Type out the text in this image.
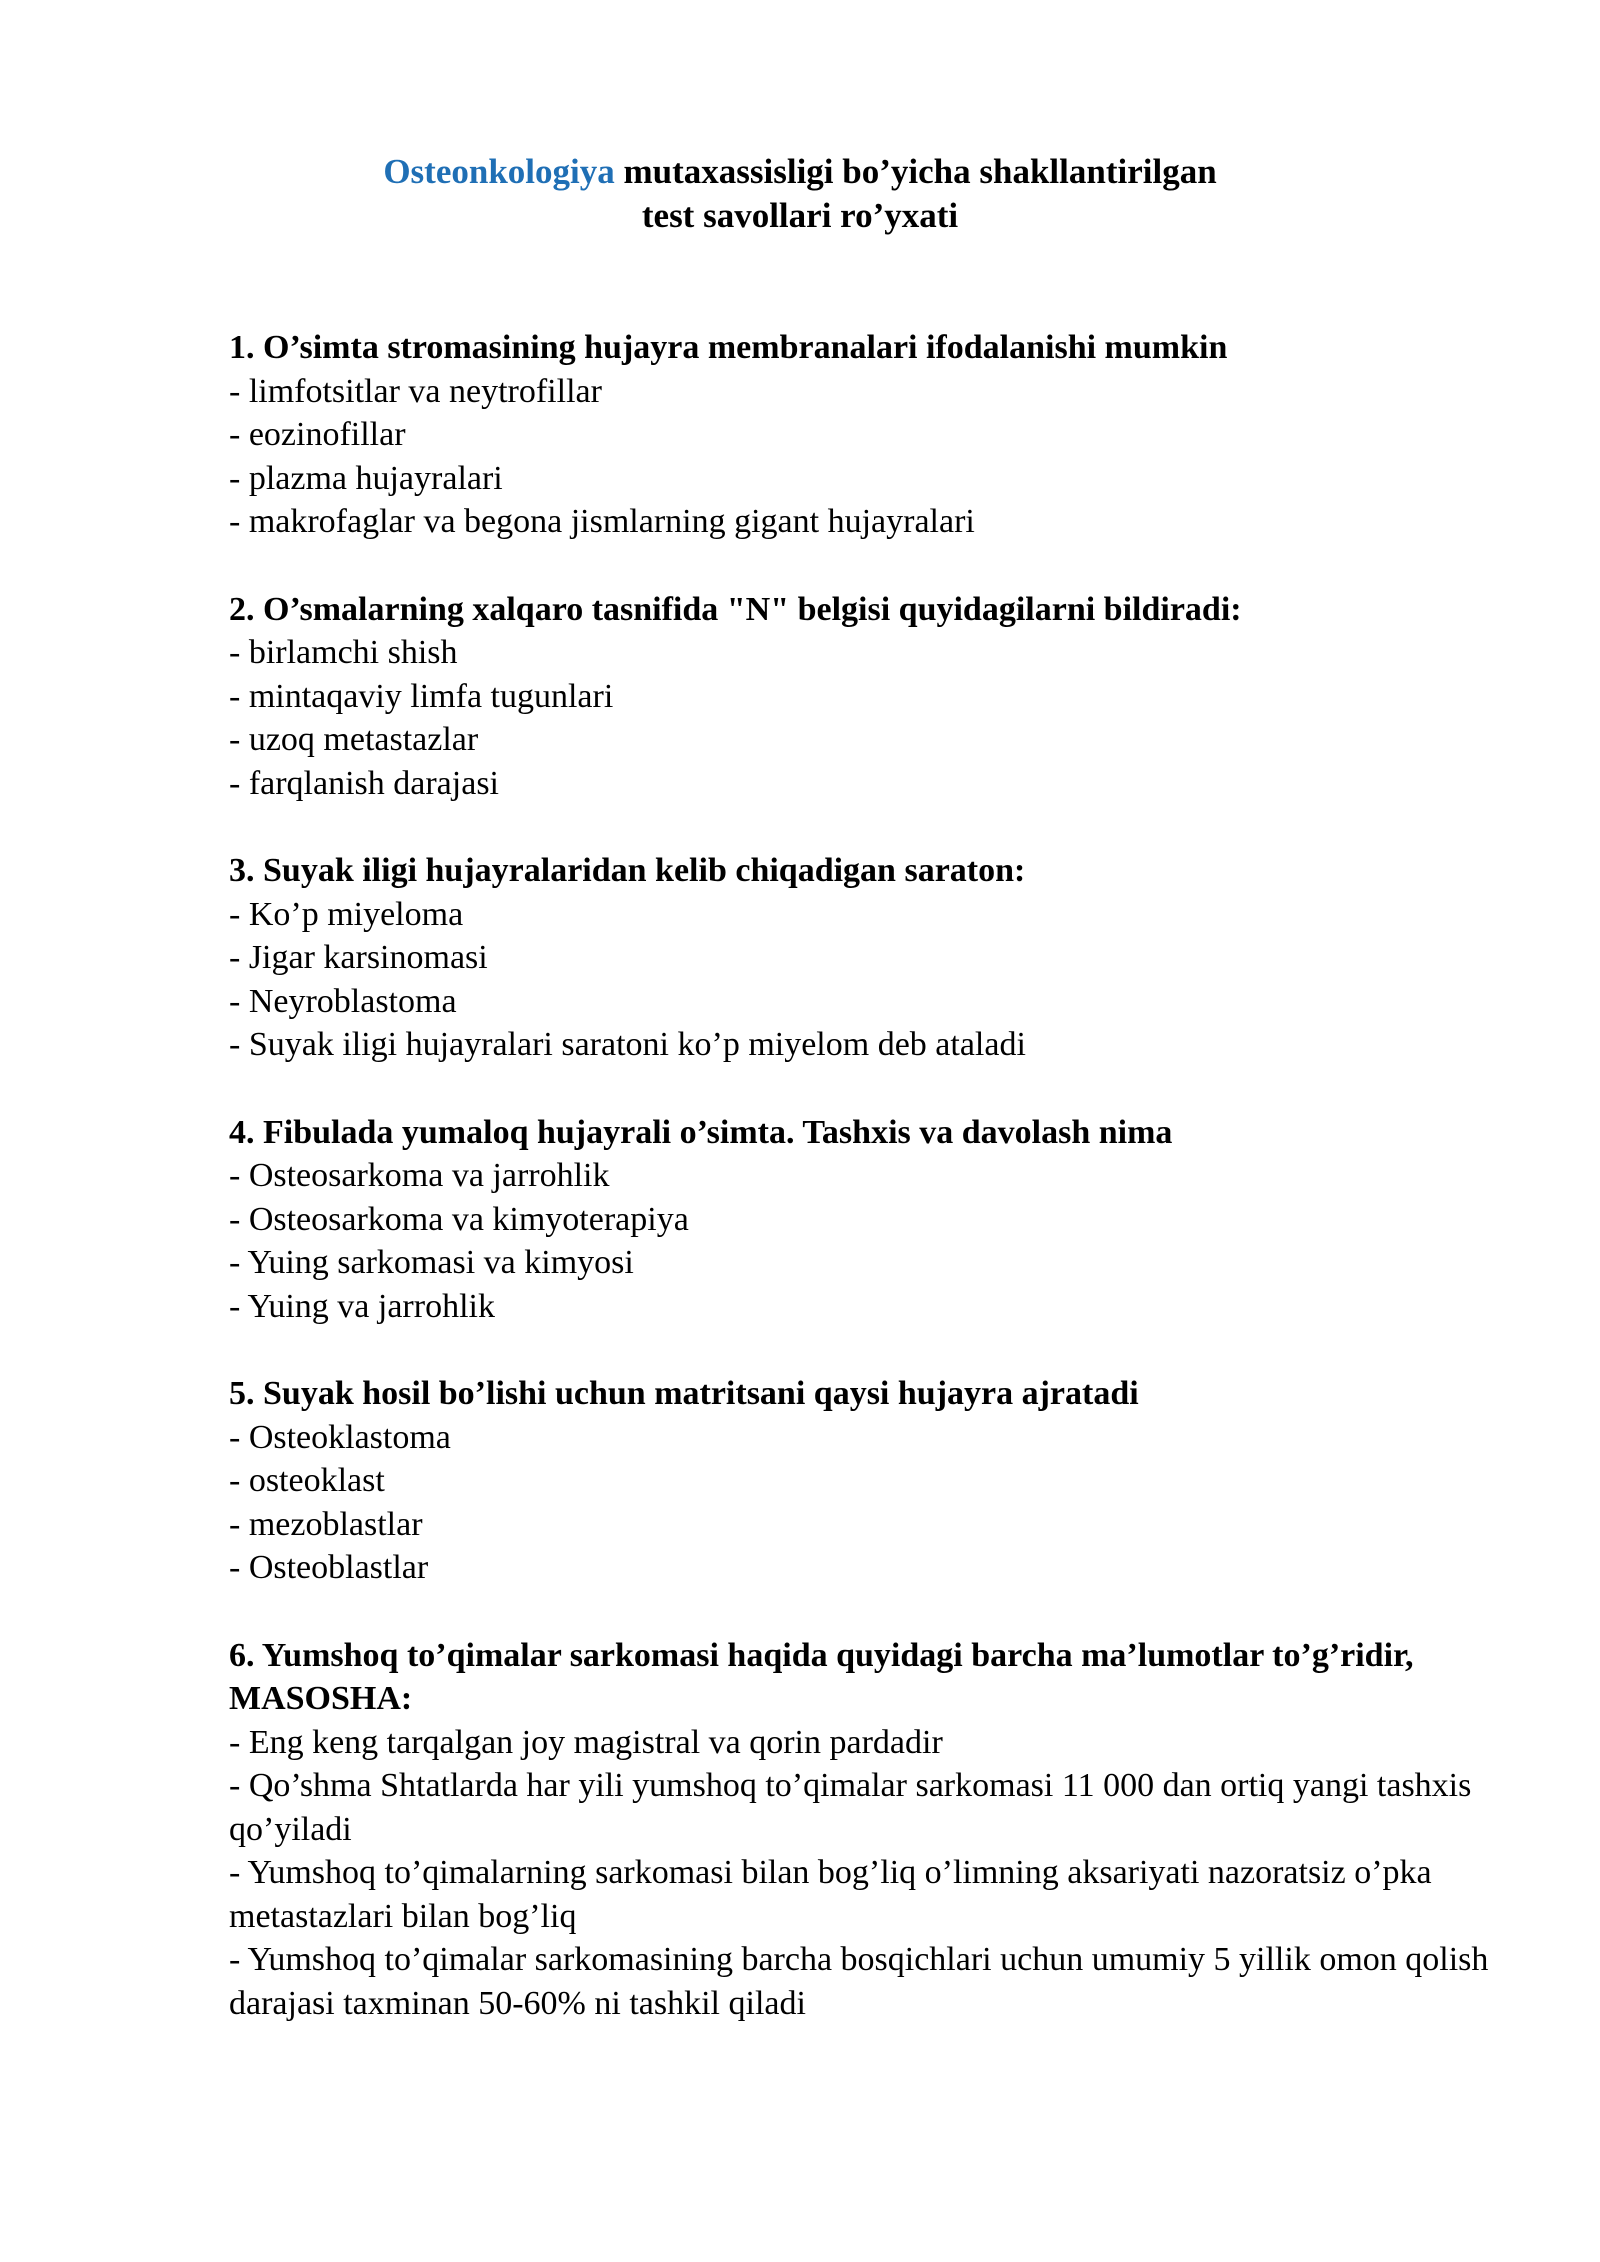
Osteonkologiya mutaxassisligi bo’yicha shakllantirilgan
test savollari ro’yxati

1. O’simta stromasining hujayra membranalari ifodalanishi mumkin

- limfotsitlar va neytrofillar

- eozinofillar

- plazma hujayralari

- makrofaglar va begona jismlarning gigant hujayralari

2. O’smalarning xalqaro tasnifida "N" belgisi quyidagilarni bildiradi:

- birlamchi shish

- mintaqaviy limfa tugunlari

- uzoq metastazlar

- farqlanish darajasi

3. Suyak iligi hujayralaridan kelib chiqadigan saraton:

- Ko’p miyeloma

- Jigar karsinomasi

- Neyroblastoma

- Suyak iligi hujayralari saratoni ko’p miyelom deb ataladi

4. Fibulada yumaloq hujayrali o’simta. Tashxis va davolash nima

- Osteosarkoma va jarrohlik

- Osteosarkoma va kimyoterapiya

- Yuing sarkomasi va kimyosi

- Yuing va jarrohlik

5. Suyak hosil bo’lishi uchun matritsani qaysi hujayra ajratadi

- Osteoklastoma

- osteoklast

- mezoblastlar

- Osteoblastlar

6. Yumshoq to’qimalar sarkomasi haqida quyidagi barcha ma’lumotlar to’g’ridir, MASOSHA:

- Eng keng tarqalgan joy magistral va qorin pardadir

- Qo’shma Shtatlarda har yili yumshoq to’qimalar sarkomasi 11 000 dan ortiq yangi tashxis qo’yiladi

- Yumshoq to’qimalarning sarkomasi bilan bog’liq o’limning aksariyati nazoratsiz o’pka metastazlari bilan bog’liq

- Yumshoq to’qimalar sarkomasining barcha bosqichlari uchun umumiy 5 yillik omon qolish darajasi taxminan 50-60% ni tashkil qiladi
